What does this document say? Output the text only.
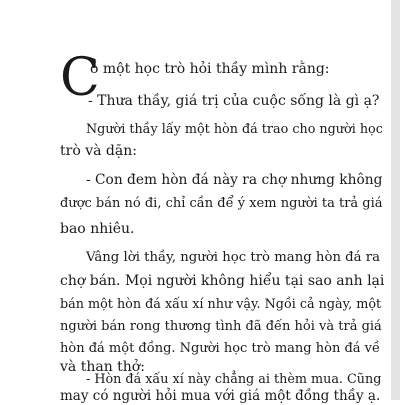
C
ó một học trò hỏi thầy mình rằng:
- Thưa thầy, giá trị của cuộc sống là gì ạ?
Người thầy lấy một hòn đá trao cho người học
trò và dặn:
- Con đem hòn đá này ra chợ nhưng không
được bán nó đi, chỉ cần để ý xem người ta trả giá
bao nhiêu.
Vâng lời thầy, người học trò mang hòn đá ra
chợ bán. Mọi người không hiểu tại sao anh lại
bán một hòn đá xấu xí như vậy. Ngồi cả ngày, một
người bán rong thương tình đã đến hỏi và trả giá
hòn đá một đồng. Người học trò mang hòn đá về
và than thở:
- Hòn đá xấu xí này chẳng ai thèm mua. Cũng
may có người hỏi mua với giá một đồng thầy ạ.
